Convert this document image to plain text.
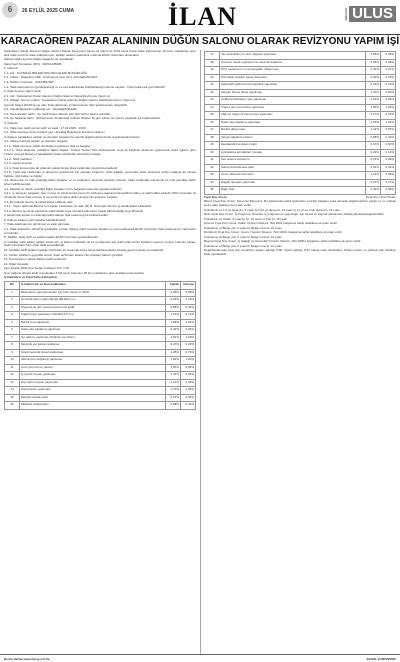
6	26 EYLÜL 2025 CUMA	İLAN	ANKARA ULUS
KARACAÖREN PAZAR ALANININ DÜĞÜN SALONU OLARAK REVİZYONU YAPIM İŞİ

Karacaören Pazar Alanının Düğün Salonu Olarak Revizyonu Yapım işi yapım işi 4734 sayılı Kamu İhale Kanununun 19 uncu maddesine göre açık ihale usulü ile ihale edilecek olup, teklifler sadece elektronik ortamda EKAP üzerinden alınacaktır.

İhaleye ilişkin ayrıntılı bilgiler aşağıda yer almaktadır:

İhale Kayıt Numarası (İKN) : 2025/1486096

1- İdarenin

1.1- Adı : ALTINDAĞ BELEDİYESİ FEN İŞLERİ MÜDÜRLÜĞÜ

1.2- Adresi : Doğanbey Mah. Cumhuriyet Cad. No:1 Altındağ/ANKARA

1.3- Telefon numarası : 03123567000

1.4- İhale dokümanının görülebileceği ve e-imza kullanılarak indirilebileceği internet sayfası : https://ekap.kik.gov.tr/EKAP/

2- İhale konusu yapım işinin

2.1- Adı : Karacaören Pazar Alanının Düğün Salonu Olarak Revizyonu Yapım işi

2.2- Niteliği, türü ve miktarı : Karacaören Pazar Alanının Düğün Salonu Olarak Revizyonu Yapım işi

Ayrıntılı bilgiye EKAP'ta yer alan ihale dokümanı içinde bulunan idari şartnameden ulaşılabilir.

2.3- Yapılacağı/teslim edileceği yer : Altındağ/ANKARA

2.4- Süresi/teslim tarihi : Yer tesliminden itibaren 210 (İkiYüzOn) takvim günüdür.

2.5- İşe başlama tarihi : Sözleşmenin imzalandığı tarihten itibaren 10 gün içinde yer teslimi yapılarak işe başlanacaktır.

3- İhalenin

3.1- İhale (son teklif verme) tarih ve saati : 17.10.2025 - 10:00

3.2- İhale komisyonunun toplantı yeri : Altındağ Belediyesi Encümen Salonu

4- İhaleye katılabilme şartları ve istenilen belgeler ile yeterlik değerlendirmesinde uygulanacak kriterler:

4.1- İhaleye katılma şartları ve istenilen belgeler:

4.1.1- Teklif vermeye yetkili olunduğunu gösteren bilgi ve belgeler;

4.1.1.1- Tüzel kişilerde, yetkililere ilişkin bilgiler; Türkiye Ticaret Sicil Gazetesinde veya bu bilgilerin tamamını göstermek üzere ilgisine göre Ticaret ve/veya Esnaf ve Sanatkârlar Odası tarafından düzenlenen belge,

4.1.2- Teklif mektubu,

4.1.3- Geçici teminat,

4.1.4- İhale konusu işte alt yüklenici çalıştırılması idare tarafından öngörülmemektedir.

4.1.5- Tüzel kişi tarafından iş deneyimi göstermek için sunulan belgenin, tüzel kişiliğin yarısından fazla hissesine sahip ortağına ait olması halinde, ilgili belge ve bilgiler;

4.2- Ekonomik ve mali yeterliğe ilişkin belgeler ve bu belgelerin taşıması gereken kriterler: İdare tarafından ekonomik ve mali yeterliğe ilişkin kriter belirtilmemiştir.

4.3- Mesleki ve teknik yeterliğe ilişkin belgeler ve bu belgelerin taşıması gereken kriterler:

4.3.1- İş deneyim belgeleri: Son on beş yıl içinde bedel içeren bir sözleşme kapsamında taahhüt edilen ve teklif edilen bedelin %50 oranından az olmamak üzere ihale konusu iş veya benzer işlere ilişkin deneyimini gösteren belgeler.

4.4- Bu ihalede benzer iş olarak kabul edilecek işler:

4.4.1- Yapım İşlerinde Benzer İş Grupları Listesinde yer alan (B) III. Grup işler benzer iş olarak kabul edilecektir.

4.4.2- Benzer işe denk sayılacak mühendislik veya mimarlık bölümleri: İnşaat Mühendisliği veya Mimarlık

5. Ekonomik açıdan en avantajlı teklif sadece fiyat esasına göre belirlenecektir.

6. İhaleye sadece yerli istekliler katılabilecektir.

7. İhale dokümanının görülmesi ve satın alınması:

7.1. İhale dokümanı, EKAP'ta görülebilir. Ancak, ihaleye teklif verecek olanların e-imza kullanarak EKAP üzerinden ihale dokümanını indirmeleri zorunludur.

8. Teklifler, ihale tarih ve saatine kadar EKAP üzerinden gönderilecektir.

9. İstekliler teklif edilen toplam bedel için, iş kalemi miktarları ile bu iş kalemleri için teklif edilen birim fiyatların çarpımı sonucu bulunan toplam bedel üzerinden birim fiyat teklif vereceklerdir.

10. İstekliler teklif ettikleri bedelin %3'ünden az olmamak üzere kendi belirleyecekleri tutarda geçici teminat vereceklerdir.

11. Verilen tekliflerin geçerlilik süresi, ihale tarihinden itibaren 90 (doksan) takvim günüdür.

12. Konsorsiyum olarak ihaleye teklif verilemez.

13. Diğer hususlar:

Aşırı Düşük Teklif Sınır Değer Katsayısı (N): 1,00

Sınır değerin altında teklif verenlerden 4734 sayılı Kanunun 38 inci maddesine göre açıklama istenecektir.

İş Kalemleri ve Fiyat Farkı Katsayıları

No	İş kalemi adı ve kısa açıklaması	Ağırlık	Katsayı
1	Betonarme yapı elemanları için hazır beton C 30/37	0,95%	0,58%
2	Nervürlü beton çelik çubuğu Ø8-Ø12 mm	0,29%	0,18%
3	Plywood ile düz yüzeyli betonarme kalıbı	0,68%	0,42%
4	Tuğla duvar yapılması (19x19x13,5 cm)	1,16%	0,71%
5	Perlitli sıva yapılması	1,05%	0,64%
6	Saten alçı kaplama yapılması	0,43%	0,26%
7	Su yalıtımı yapılması (bitümlü membran)	1,92%	1,18%
8	Seramik yer karosu kaplama	0,47%	0,29%
9	Granit seramik duvar kaplaması	1,28%	0,79%
10	Alüminyum doğrama yapılması	1,62%	1,00%
11	Cam yünü ile ısı yalıtımı	1,55%	0,95%
12	İç cephe boyası yapılması	1,47%	0,90%
13	Dış cephe boyası yapılması	2,12%	1,30%
14	Asma tavan yapılması	1,70%	1,05%
15	Elektrik tesisatı işleri	0,57%	0,35%
16	Mekanik tesisat işleri	0,68%	0,42%
17	Yer seramikleri ve derz dolgusu yapılması	0,58%	0,36%
18	Çimento esaslı yapıştırıcı ile seramik kaplama	0,64%	0,39%
19	PVC esaslı boru ve ek parçaları döşenmesi	0,44%	0,27%
20	Prizmatik modüler panel sistemleri	0,29%	0,18%
21	Galvanizli çelik boru ile korkuluk yapılması	0,24%	0,15%
22	Alçıpan bölme duvar yapılması	1,47%	0,90%
23	Çelik konstrüksiyon çatı yapılması	1,51%	0,93%
24	Trapez sac çatı örtüsü yapılması	1,66%	1,02%
25	Yağmur oluğu ve iniş borusu yapılması	0,17%	0,10%
26	Parke taşı kaplama yapılması	2,15%	1,32%
27	Bordür döşenmesi	1,42%	0,87%
28	Yangın algılama sistemi	0,68%	0,42%
29	Havalandırma sistemi işleri	0,97%	0,60%
30	Aydınlatma armatürleri montajı	0,22%	0,14%
31	Ses sistemi kurulumu	0,15%	0,09%
32	Sahne düzenlemesi işleri	0,51%	0,31%
33	Çevre düzenlemesi işleri	1,12%	0,69%
34	Engelli rampası yapılması	0,27%	0,17%
35	Diğer işler	0,46%	0,28%
Fiyat Dışı Unsur	Fiyat Dışı Unsur Puanı

Birinci Fiyat Dışı Unsur: Personel Deneyimi. Bu kapsamda istekli tarafından sunulan belgeler esas alınarak değerlendirme yapılır ve en yüksek puanı alan istekliye tam puan verilir.

Puanlama: a) 1-5 yıl deneyim: 5 puan b) 6-10 yıl deneyim: 10 puan c) 11 yıl ve üzeri deneyim: 15 puan.

İkinci Fiyat Dışı Unsur: İş Programı. Önerilen iş programının uygunluğu, işin süresi ve kaynak planlaması dikkate alınarak değerlendirilir.

Puanlama: a) Yeterli: 5 puan b) İyi: 10 puan c) Çok iyi: 15 puan.

Üçüncü Fiyat Dışı Unsur: Kalite Yönetim Sistemi. ISO 9001 belgesine sahip isteklilere ek puan verilir.

Puanlama: a) Belge yok: 0 puan b) Belge mevcut: 10 puan.

Dördüncü Fiyat Dışı Unsur: Çevre Yönetim Sistemi. ISO 14001 belgesine sahip isteklilere ek puan verilir.

Puanlama: a) Belge yok: 0 puan b) Belge mevcut: 10 puan.

Beşinci Fiyat Dışı Unsur: İş Sağlığı ve Güvenliği Yönetim Sistemi. ISO 45001 belgesine sahip isteklilere ek puan verilir.

Puanlama: a) Belge yok: 0 puan b) Belge mevcut: 10 puan.

Değerlendirmede fiyat dışı unsurların toplam ağırlığı %30, fiyatın ağırlığı %70 olarak esas alınacaktır. Toplam puanı en yüksek olan istekliye ihale yapılacaktır.

Resmi ilanlar www.ilan.gov.tr'de	BASIN: ILN02295832
